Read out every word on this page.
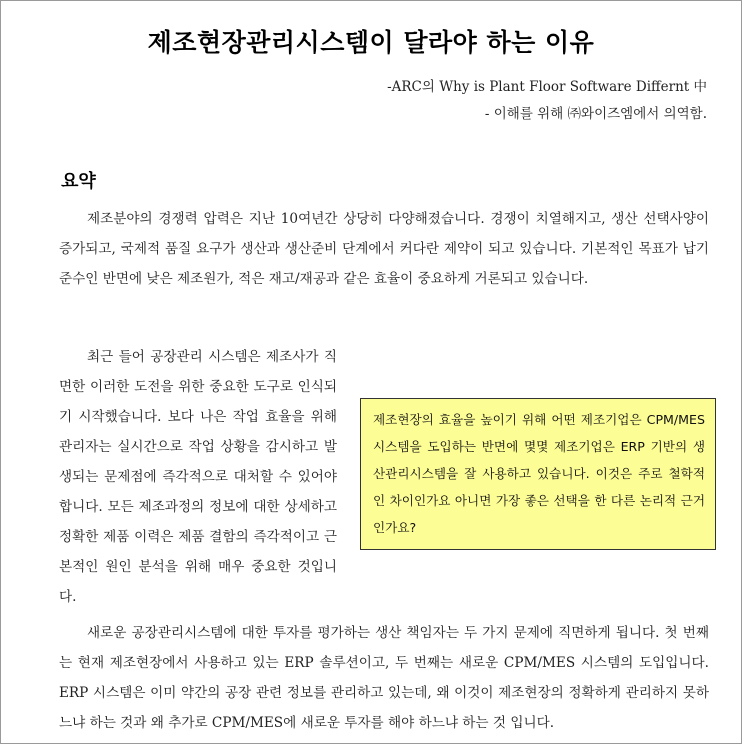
제조현장관리시스템이 달라야 하는 이유
-ARC의 Why is Plant Floor Software Differnt 中
- 이해를 위해 ㈜와이즈엠에서 의역함.
요약

제조분야의 경쟁력 압력은 지난 10여년간 상당히 다양해졌습니다. 경쟁이 치열해지고, 생산 선택사양이 증가되고, 국제적 품질 요구가 생산과 생산준비 단계에서 커다란 제약이 되고 있습니다. 기본적인 목표가 납기 준수인 반면에 낮은 제조원가, 적은 재고/재공과 같은 효율이 중요하게 거론되고 있습니다.

최근 들어 공장관리 시스템은 제조사가 직면한 이러한 도전을 위한 중요한 도구로 인식되기 시작했습니다. 보다 나은 작업 효율을 위해 관리자는 실시간으로 작업 상황을 감시하고 발생되는 문제점에 즉각적으로 대처할 수 있어야 합니다. 모든 제조과정의 정보에 대한 상세하고 정확한 제품 이력은 제품 결함의 즉각적이고 근본적인 원인 분석을 위해 매우 중요한 것입니다.
제조현장의 효율을 높이기 위해 어떤 제조기업은 CPM/MES 시스템을 도입하는 반면에 몇몇 제조기업은 ERP 기반의 생산관리시스템을 잘 사용하고 있습니다. 이것은 주로 철학적인 차이인가요 아니면 가장 좋은 선택을 한 다른 논리적 근거인가요?

새로운 공장관리시스템에 대한 투자를 평가하는 생산 책임자는 두 가지 문제에 직면하게 됩니다. 첫 번째는 현재 제조현장에서 사용하고 있는 ERP 솔루션이고, 두 번째는 새로운 CPM/MES 시스템의 도입입니다. ERP 시스템은 이미 약간의 공장 관련 정보를 관리하고 있는데, 왜 이것이 제조현장의 정확하게 관리하지 못하느냐 하는 것과 왜 추가로 CPM/MES에 새로운 투자를 해야 하느냐 하는 것 입니다.
